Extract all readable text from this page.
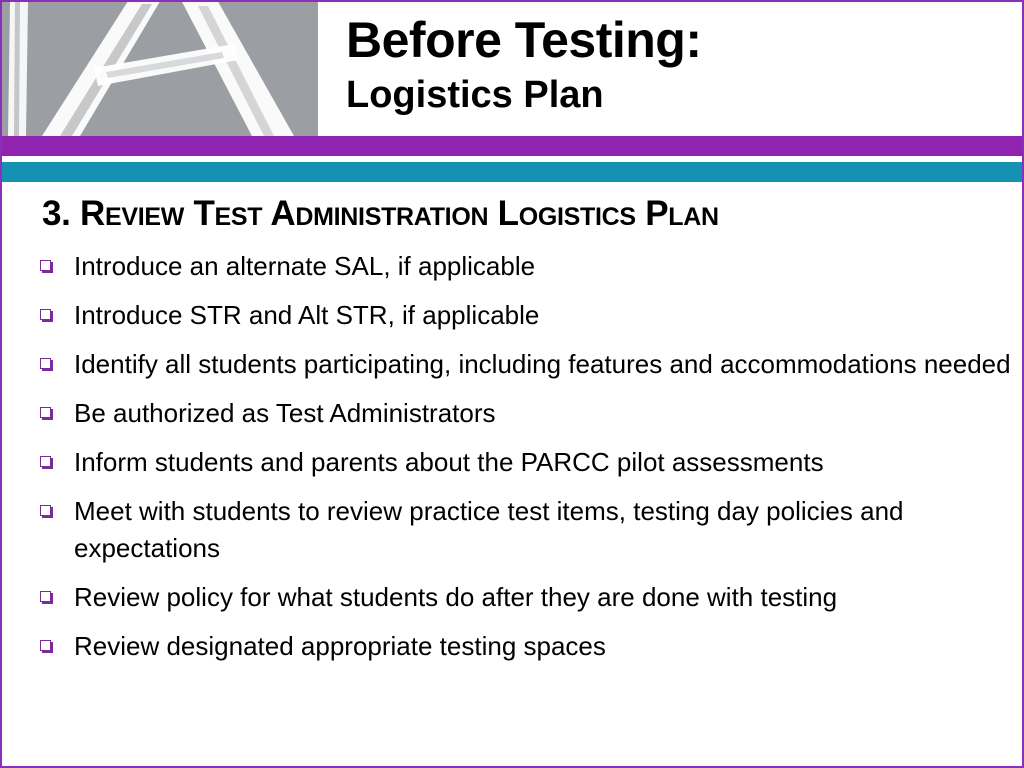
Before Testing:
Logistics Plan
3. Review Test Administration Logistics Plan
Introduce an alternate SAL, if applicable
Introduce STR and Alt STR, if applicable
Identify all students participating, including features and accommodations needed
Be authorized as Test Administrators
Inform students and parents about the PARCC pilot assessments
Meet with students to review practice test items, testing day policies and expectations
Review policy for what students do after they are done with testing
Review designated appropriate testing spaces
